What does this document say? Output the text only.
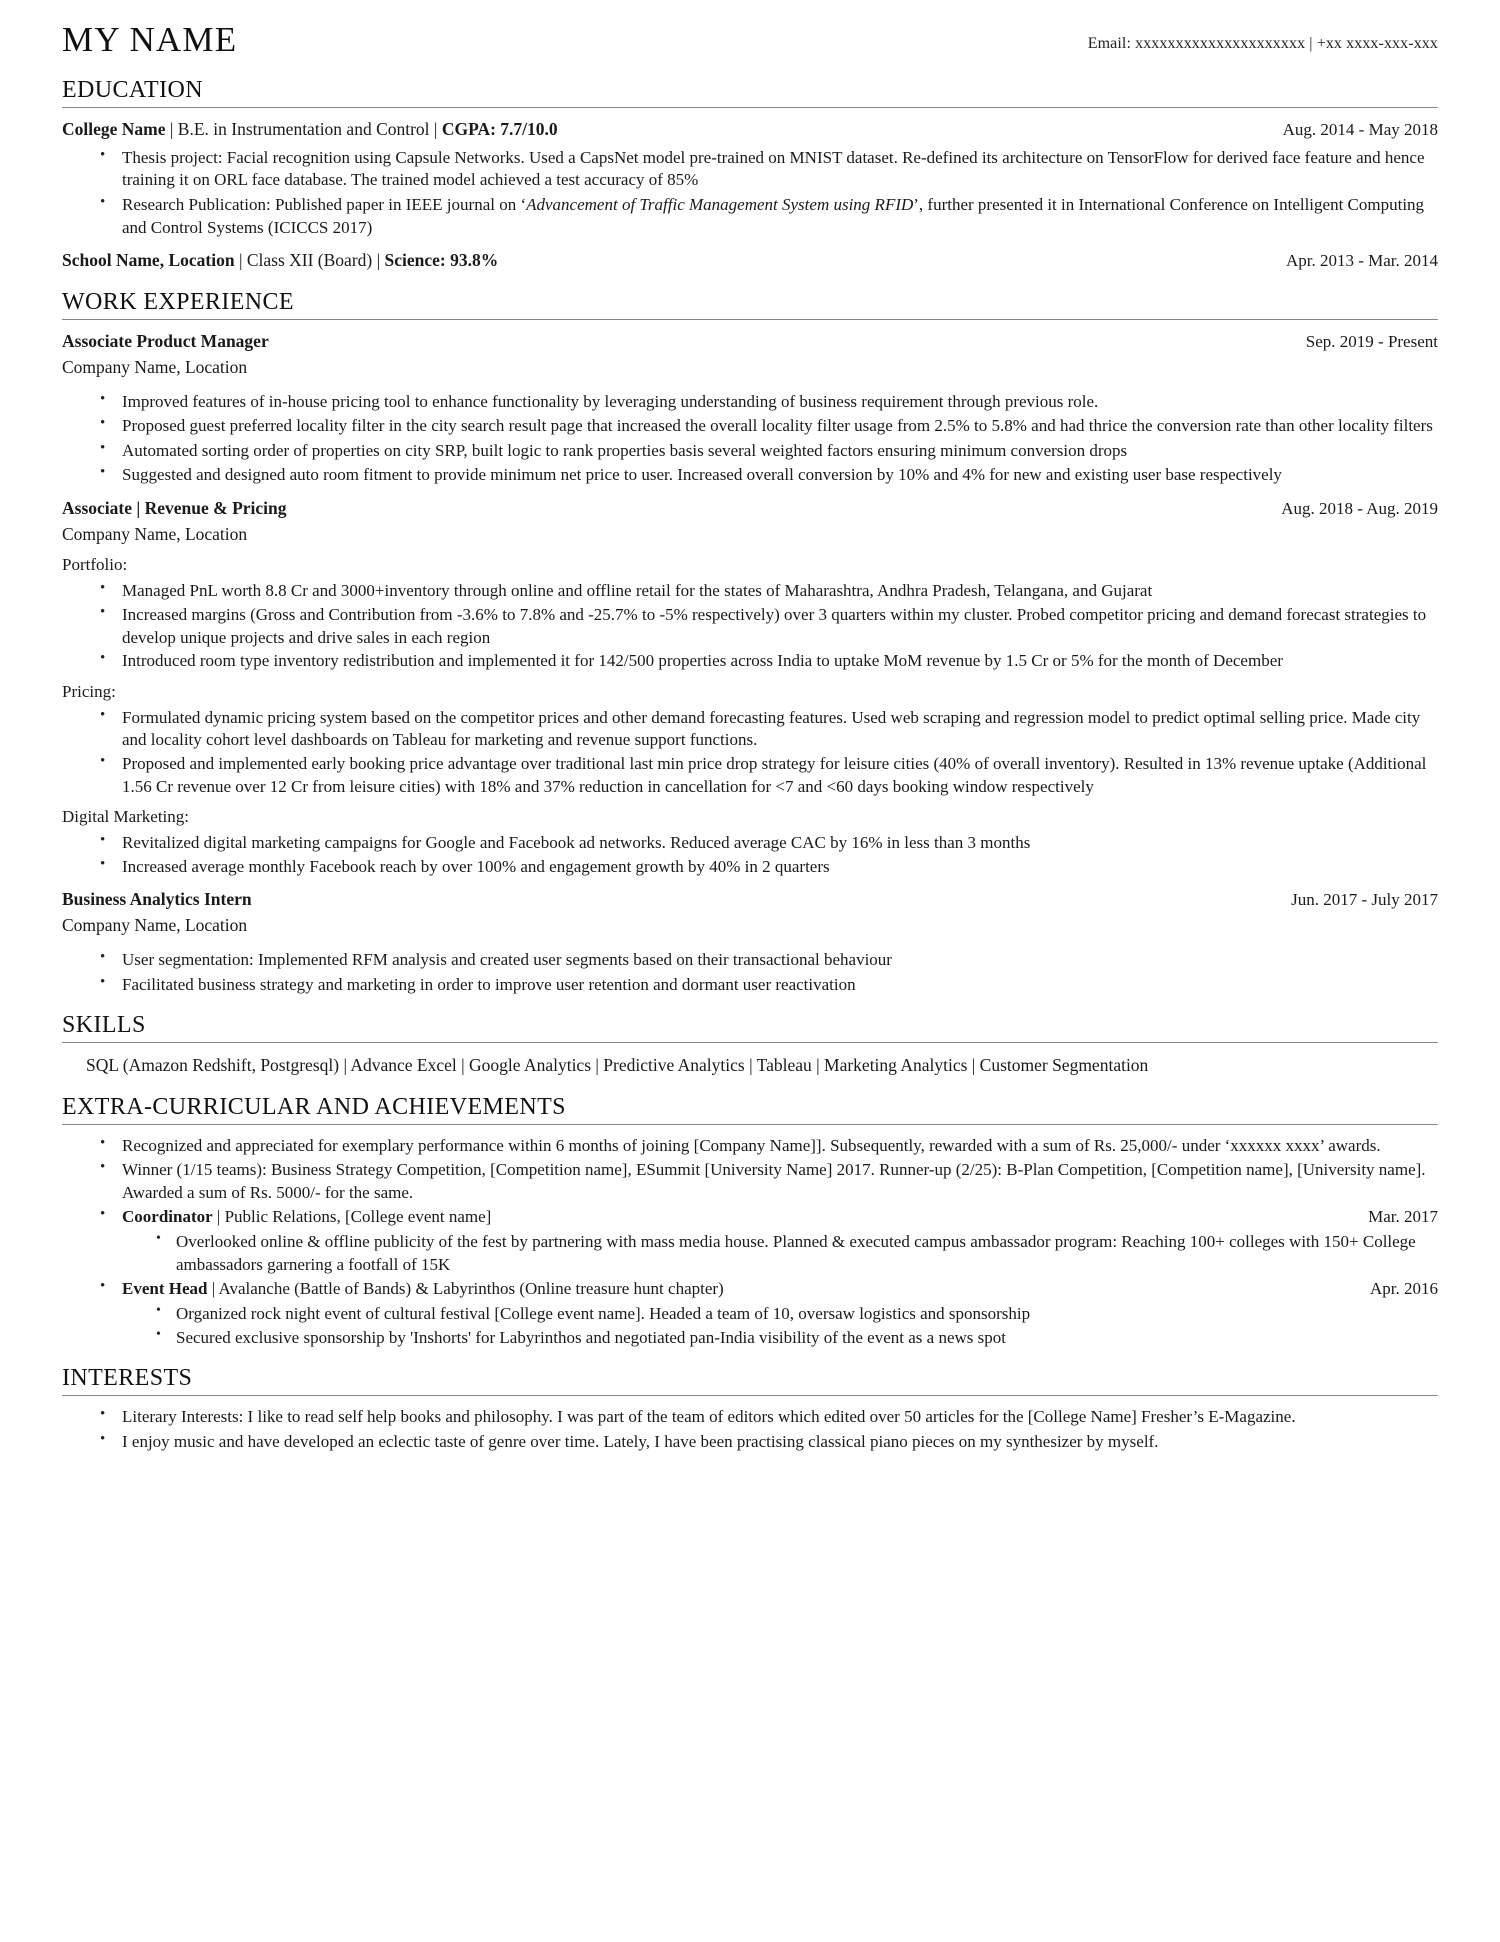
MY NAME	Email: xxxxxxxxxxxxxxxxxxxxx | +xx xxxx-xxx-xxx
EDUCATION
College Name | B.E. in Instrumentation and Control | CGPA: 7.7/10.0	Aug. 2014 - May 2018
• Thesis project: Facial recognition using Capsule Networks. Used a CapsNet model pre-trained on MNIST dataset. Re-defined its architecture on TensorFlow for derived face feature and hence training it on ORL face database. The trained model achieved a test accuracy of 85%
• Research Publication: Published paper in IEEE journal on ‘Advancement of Traffic Management System using RFID’, further presented it in International Conference on Intelligent Computing and Control Systems (ICICCS 2017)
School Name, Location | Class XII (Board) | Science: 93.8%	Apr. 2013 - Mar. 2014
WORK EXPERIENCE
Associate Product Manager	Sep. 2019 - Present
Company Name, Location
• Improved features of in-house pricing tool to enhance functionality by leveraging understanding of business requirement through previous role.
• Proposed guest preferred locality filter in the city search result page that increased the overall locality filter usage from 2.5% to 5.8% and had thrice the conversion rate than other locality filters
• Automated sorting order of properties on city SRP, built logic to rank properties basis several weighted factors ensuring minimum conversion drops
• Suggested and designed auto room fitment to provide minimum net price to user. Increased overall conversion by 10% and 4% for new and existing user base respectively
Associate | Revenue & Pricing	Aug. 2018 - Aug. 2019
Company Name, Location
Portfolio:
• Managed PnL worth 8.8 Cr and 3000+inventory through online and offline retail for the states of Maharashtra, Andhra Pradesh, Telangana, and Gujarat
• Increased margins (Gross and Contribution from -3.6% to 7.8% and -25.7% to -5% respectively) over 3 quarters within my cluster. Probed competitor pricing and demand forecast strategies to develop unique projects and drive sales in each region
• Introduced room type inventory redistribution and implemented it for 142/500 properties across India to uptake MoM revenue by 1.5 Cr or 5% for the month of December
Pricing:
• Formulated dynamic pricing system based on the competitor prices and other demand forecasting features. Used web scraping and regression model to predict optimal selling price. Made city and locality cohort level dashboards on Tableau for marketing and revenue support functions.
• Proposed and implemented early booking price advantage over traditional last min price drop strategy for leisure cities (40% of overall inventory). Resulted in 13% revenue uptake (Additional 1.56 Cr revenue over 12 Cr from leisure cities) with 18% and 37% reduction in cancellation for <7 and <60 days booking window respectively
Digital Marketing:
• Revitalized digital marketing campaigns for Google and Facebook ad networks. Reduced average CAC by 16% in less than 3 months
• Increased average monthly Facebook reach by over 100% and engagement growth by 40% in 2 quarters
Business Analytics Intern	Jun. 2017 - July 2017
Company Name, Location
• User segmentation: Implemented RFM analysis and created user segments based on their transactional behaviour
• Facilitated business strategy and marketing in order to improve user retention and dormant user reactivation
SKILLS
SQL (Amazon Redshift, Postgresql) | Advance Excel | Google Analytics | Predictive Analytics | Tableau | Marketing Analytics | Customer Segmentation
EXTRA-CURRICULAR AND ACHIEVEMENTS
• Recognized and appreciated for exemplary performance within 6 months of joining [Company Name]]. Subsequently, rewarded with a sum of Rs. 25,000/- under ‘xxxxxx xxxx’ awards.
• Winner (1/15 teams): Business Strategy Competition, [Competition name], ESummit [University Name] 2017. Runner-up (2/25): B-Plan Competition, [Competition name], [University name]. Awarded a sum of Rs. 5000/- for the same.
• Coordinator | Public Relations, [College event name]	Mar. 2017
• Overlooked online & offline publicity of the fest by partnering with mass media house. Planned & executed campus ambassador program: Reaching 100+ colleges with 150+ College ambassadors garnering a footfall of 15K
• Event Head | Avalanche (Battle of Bands) & Labyrinthos (Online treasure hunt chapter)	Apr. 2016
• Organized rock night event of cultural festival [College event name]. Headed a team of 10, oversaw logistics and sponsorship
• Secured exclusive sponsorship by 'Inshorts' for Labyrinthos and negotiated pan-India visibility of the event as a news spot
INTERESTS
• Literary Interests: I like to read self help books and philosophy. I was part of the team of editors which edited over 50 articles for the [College Name] Fresher’s E-Magazine.
• I enjoy music and have developed an eclectic taste of genre over time. Lately, I have been practising classical piano pieces on my synthesizer by myself.
